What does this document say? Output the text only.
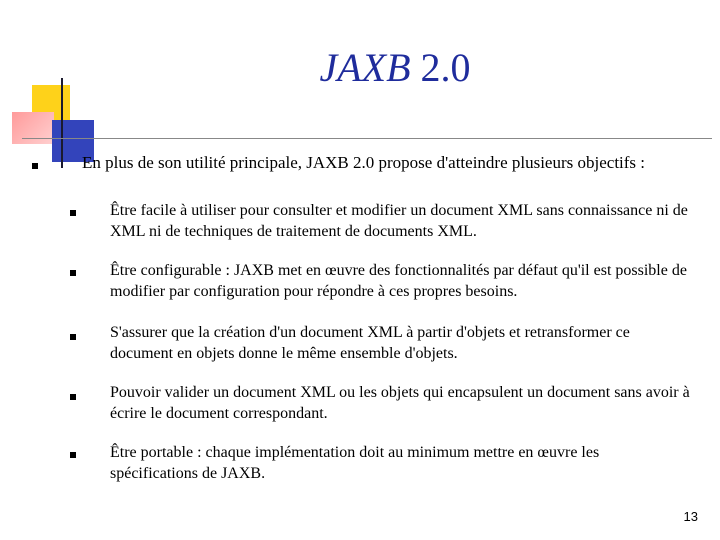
JAXB 2.0
En plus de son utilité principale, JAXB 2.0 propose d'atteindre plusieurs objectifs :
Être facile à utiliser pour consulter et modifier un document XML sans connaissance ni de XML ni de techniques de traitement de documents XML.
Être configurable : JAXB met en œuvre des fonctionnalités par défaut qu'il est possible de modifier par configuration pour répondre à ces propres besoins.
S'assurer que la création d'un document XML à partir d'objets et retransformer ce document en objets donne le même ensemble d'objets.
Pouvoir valider un document XML ou les objets qui encapsulent un document sans avoir à écrire le document correspondant.
Être portable : chaque implémentation doit au minimum mettre en œuvre les spécifications de JAXB.
13
